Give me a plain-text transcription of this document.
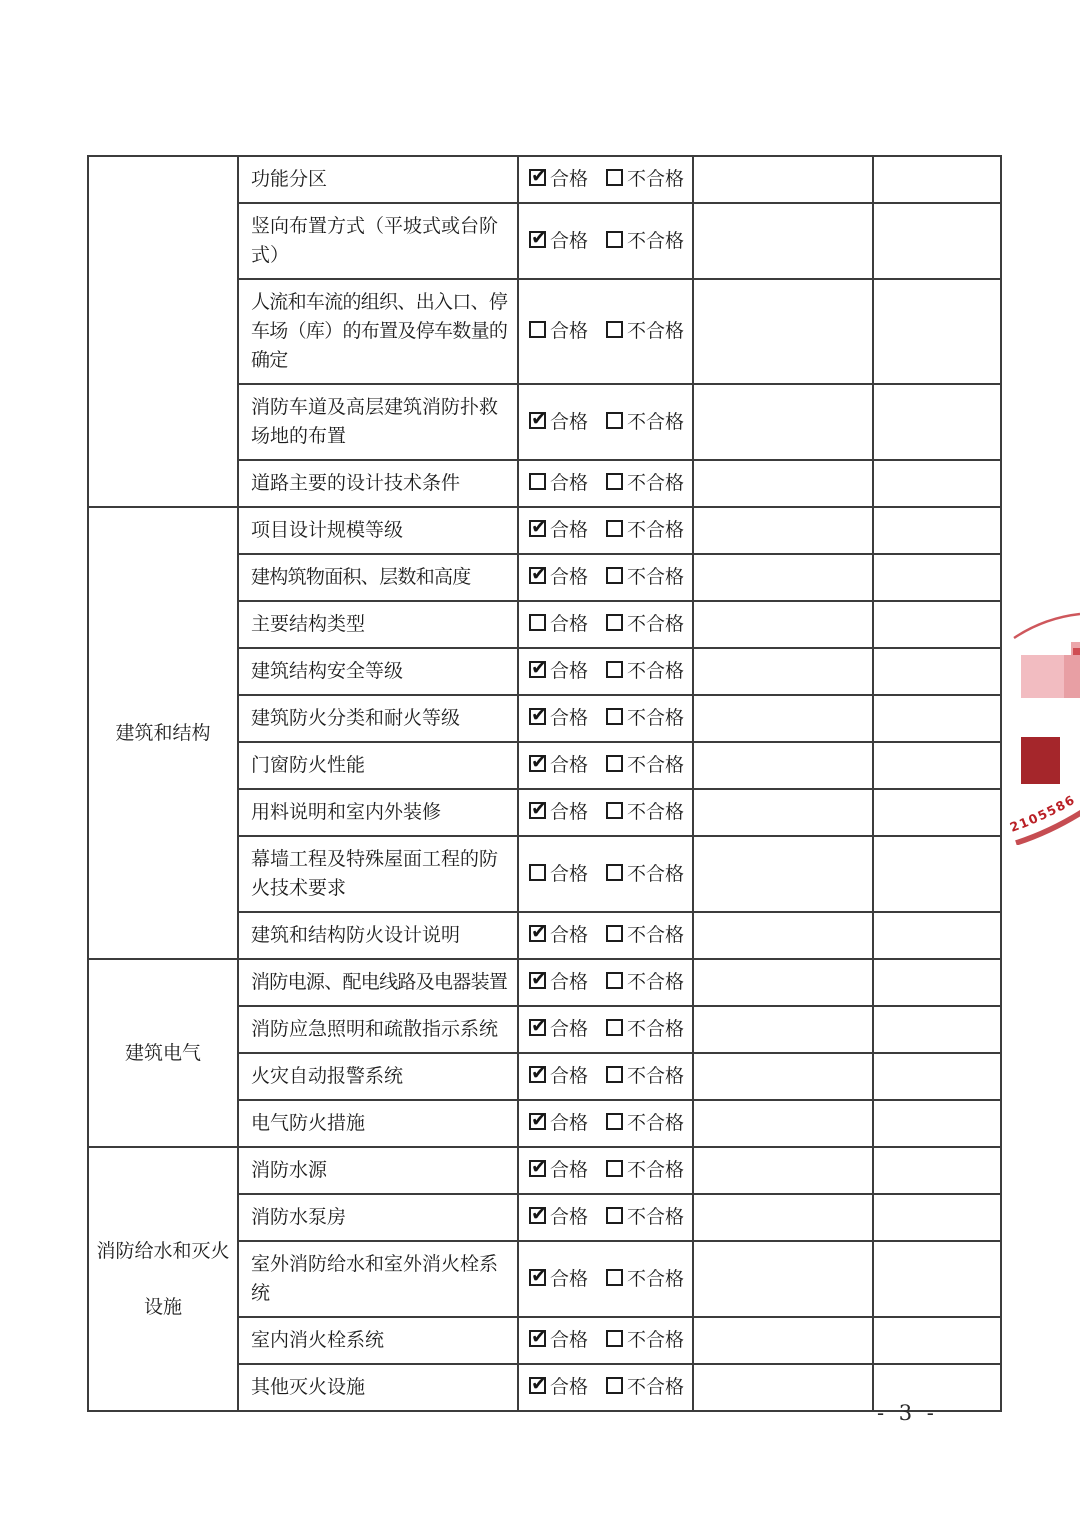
	功能分区	✔合格 不合格		
	竖向布置方式（平坡式或台阶式）	✔合格 不合格		
	人流和车流的组织、出入口、停车场（库）的布置及停车数量的确定	合格 不合格		
	消防车道及高层建筑消防扑救场地的布置	✔合格 不合格		
	道路主要的设计技术条件	合格 不合格		
建筑和结构	项目设计规模等级	✔合格 不合格		
	建构筑物面积、层数和高度	✔合格 不合格		
	主要结构类型	合格 不合格		
	建筑结构安全等级	✔合格 不合格		
	建筑防火分类和耐火等级	✔合格 不合格		
	门窗防火性能	✔合格 不合格		
	用料说明和室内外装修	✔合格 不合格		
	幕墙工程及特殊屋面工程的防火技术要求	合格 不合格		
	建筑和结构防火设计说明	✔合格 不合格		
建筑电气	消防电源、配电线路及电器装置	✔合格 不合格		
	消防应急照明和疏散指示系统	✔合格 不合格		
	火灾自动报警系统	✔合格 不合格		
	电气防火措施	✔合格 不合格		
消防给水和灭火设施	消防水源	✔合格 不合格		
	消防水泵房	✔合格 不合格		
	室外消防给水和室外消火栓系统	✔合格 不合格		
	室内消火栓系统	✔合格 不合格		
	其他灭火设施	✔合格 不合格		
2105586
- 3 -
